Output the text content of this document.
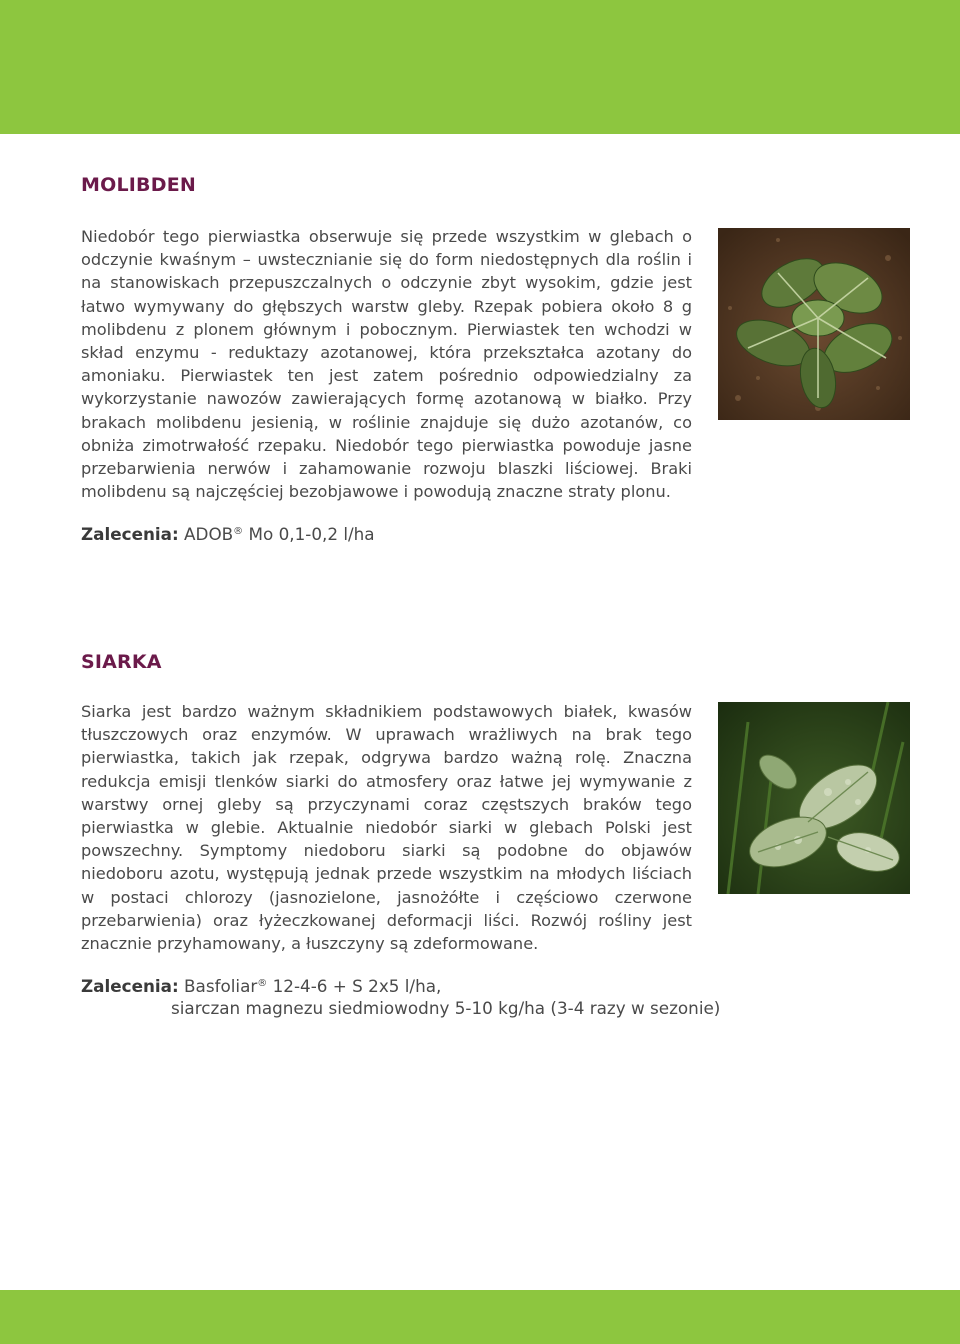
MOLIBDEN

Niedobór tego pierwiastka obserwuje się przede wszystkim w glebach o odczynie kwaśnym – uwstecznianie się do form niedostępnych dla roślin i na stanowiskach przepuszczalnych o odczynie zbyt wysokim, gdzie jest łatwo wymywany do głębszych warstw gleby. Rzepak pobiera około 8 g molibdenu z plonem głównym i pobocznym. Pierwiastek ten wchodzi w skład enzymu - reduktazy azotanowej, która przekształca azotany do amoniaku. Pierwiastek ten jest zatem pośrednio odpowiedzialny za wykorzystanie nawozów zawierających formę azotanową w białko. Przy brakach molibdenu jesienią, w roślinie znajduje się dużo azotanów, co obniża zimotrwałość rzepaku. Niedobór tego pierwiastka powoduje jasne przebarwienia nerwów i zahamowanie rozwoju blaszki liściowej. Braki molibdenu są najczęściej bezobjawowe i powodują znaczne straty plonu.

Zalecenia: ADOB® Mo 0,1-0,2 l/ha

SIARKA

Siarka jest bardzo ważnym składnikiem podstawowych białek, kwasów tłuszczowych oraz enzymów. W uprawach wrażliwych na brak tego pierwiastka, takich jak rzepak, odgrywa bardzo ważną rolę. Znaczna redukcja emisji tlenków siarki do atmosfery oraz łatwe jej wymywanie z warstwy ornej gleby są przyczynami coraz częstszych braków tego pierwiastka w glebie. Aktualnie niedobór siarki w glebach Polski jest powszechny. Symptomy niedoboru siarki są podobne do objawów niedoboru azotu, występują jednak przede wszystkim na młodych liściach w postaci chlorozy (jasnozielone, jasnożółte i częściowo czerwone przebarwienia) oraz łyżeczkowanej deformacji liści. Rozwój rośliny jest znacznie przyhamowany, a łuszczyny są zdeformowane.

Zalecenia: Basfoliar® 12-4-6 + S 2x5 l/ha,

siarczan magnezu siedmiowodny 5-10 kg/ha (3-4 razy w sezonie)
